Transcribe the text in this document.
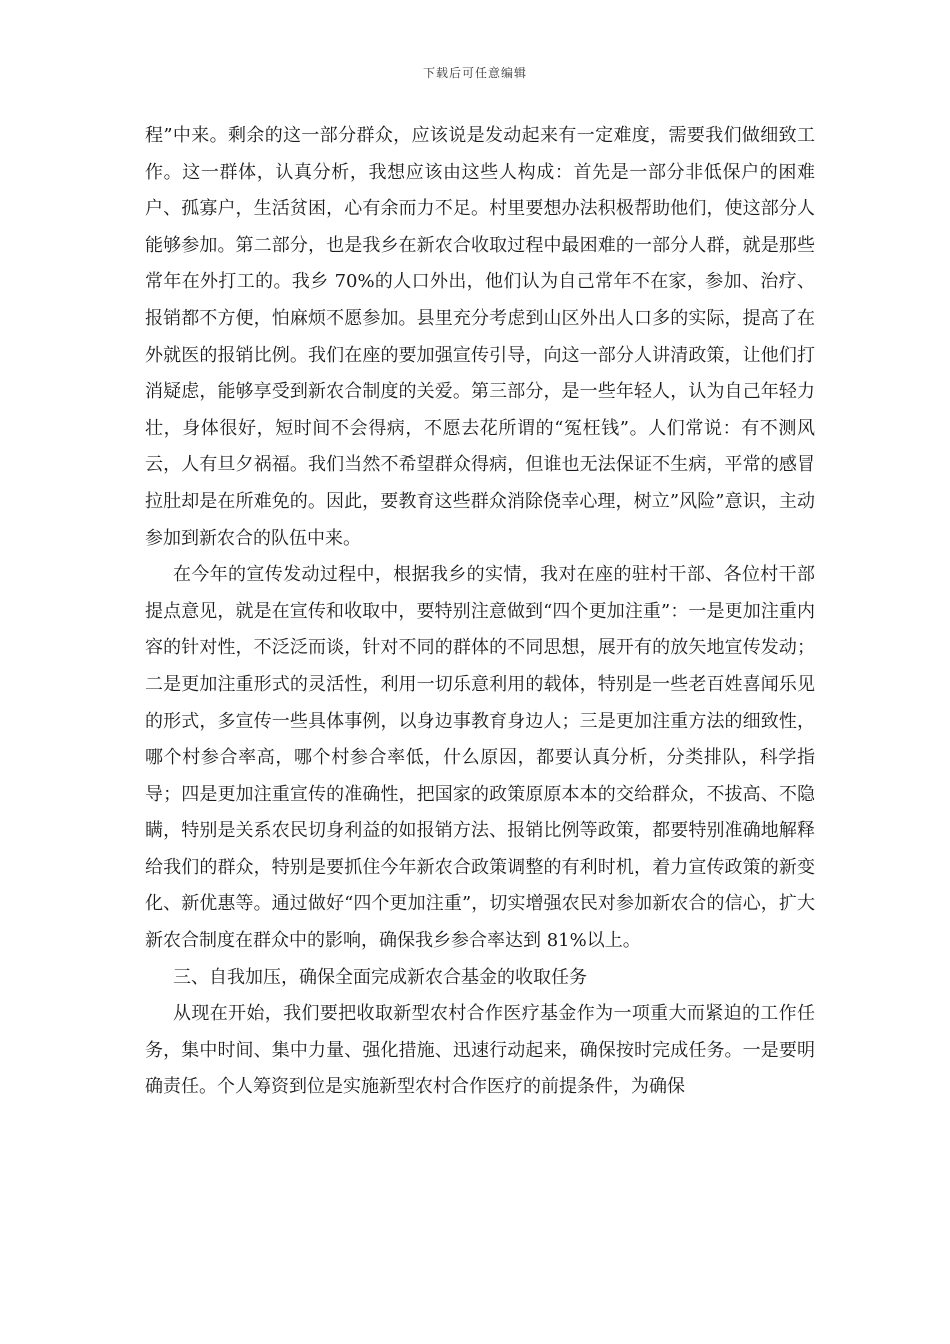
下载后可任意编辑

程”中来。剩余的这一部分群众，应该说是发动起来有一定难度，需要我们做细致工作。这一群体，认真分析，我想应该由这些人构成：首先是一部分非低保户的困难户、孤寡户，生活贫困，心有余而力不足。村里要想办法积极帮助他们，使这部分人能够参加。第二部分，也是我乡在新农合收取过程中最困难的一部分人群，就是那些常年在外打工的。我乡 70%的人口外出，他们认为自己常年不在家，参加、治疗、报销都不方便，怕麻烦不愿参加。县里充分考虑到山区外出人口多的实际，提高了在外就医的报销比例。我们在座的要加强宣传引导，向这一部分人讲清政策，让他们打消疑虑，能够享受到新农合制度的关爱。第三部分，是一些年轻人，认为自己年轻力壮，身体很好，短时间不会得病，不愿去花所谓的“冤枉钱”。人们常说：有不测风云，人有旦夕祸福。我们当然不希望群众得病，但谁也无法保证不生病，平常的感冒拉肚却是在所难免的。因此，要教育这些群众消除侥幸心理，树立”风险”意识，主动参加到新农合的队伍中来。

在今年的宣传发动过程中，根据我乡的实情，我对在座的驻村干部、各位村干部提点意见，就是在宣传和收取中，要特别注意做到“四个更加注重”：一是更加注重内容的针对性，不泛泛而谈，针对不同的群体的不同思想，展开有的放矢地宣传发动；二是更加注重形式的灵活性，利用一切乐意利用的载体，特别是一些老百姓喜闻乐见的形式，多宣传一些具体事例，以身边事教育身边人；三是更加注重方法的细致性，哪个村参合率高，哪个村参合率低，什么原因，都要认真分析，分类排队，科学指导；四是更加注重宣传的准确性，把国家的政策原原本本的交给群众，不拔高、不隐瞒，特别是关系农民切身利益的如报销方法、报销比例等政策，都要特别准确地解释给我们的群众，特别是要抓住今年新农合政策调整的有利时机，着力宣传政策的新变化、新优惠等。通过做好“四个更加注重”，切实增强农民对参加新农合的信心，扩大新农合制度在群众中的影响，确保我乡参合率达到 81%以上。

三、自我加压，确保全面完成新农合基金的收取任务

从现在开始，我们要把收取新型农村合作医疗基金作为一项重大而紧迫的工作任务，集中时间、集中力量、强化措施、迅速行动起来，确保按时完成任务。一是要明确责任。个人筹资到位是实施新型农村合作医疗的前提条件，为确保
